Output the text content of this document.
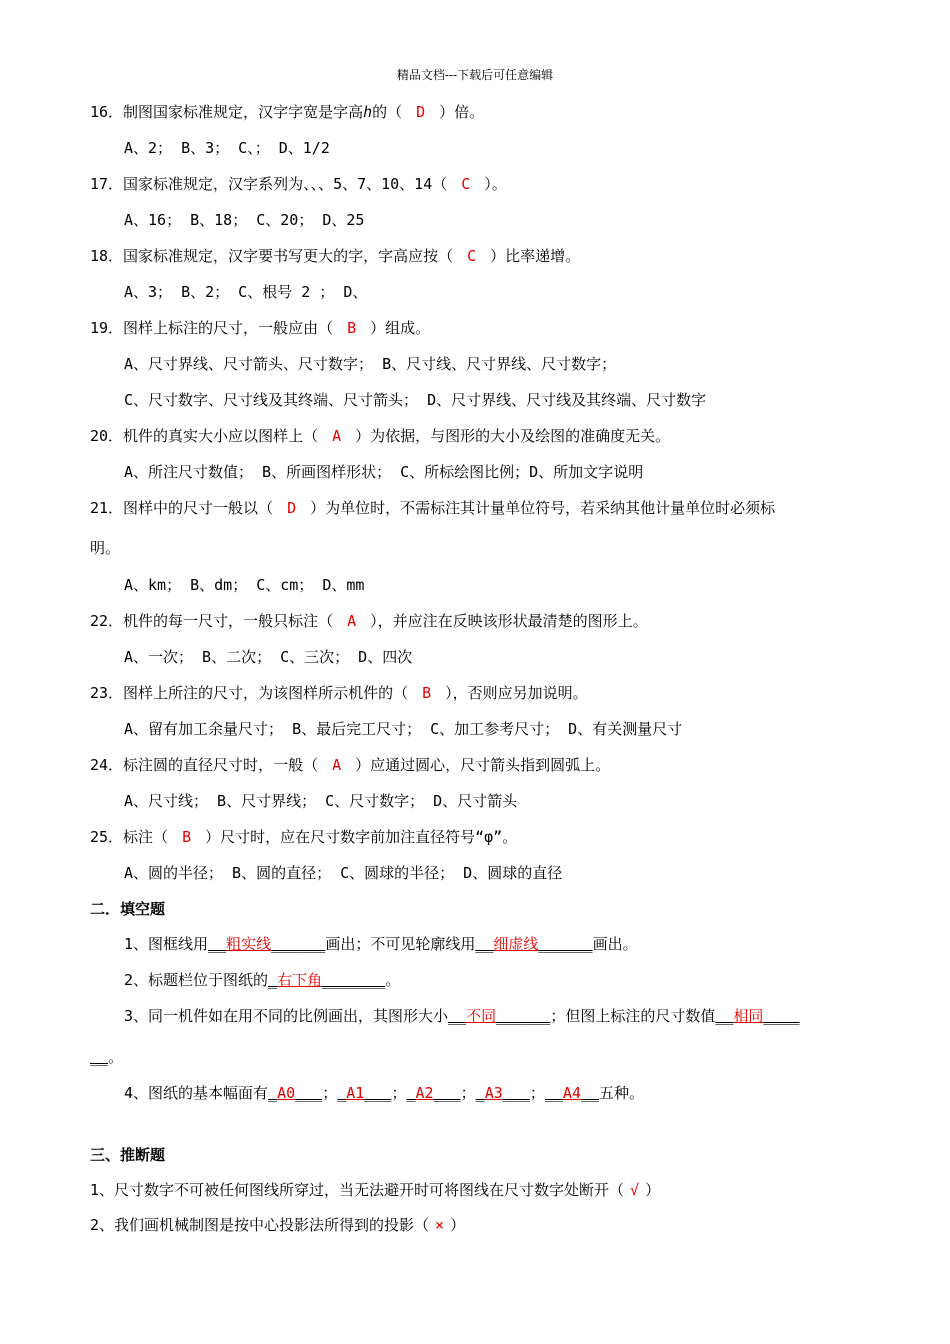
精品文档---下载后可任意编辑
16．制图国家标准规定，汉字字宽是字高h的（ D ）倍。
A、2； B、3； C、； D、1/2
17．国家标准规定，汉字系列为、、、5、7、10、14（ C ）。
A、16； B、18； C、20； D、25
18．国家标准规定，汉字要书写更大的字，字高应按（ C ）比率递增。
A、3； B、2； C、根号 2 ； D、
19．图样上标注的尺寸，一般应由（ B ）组成。
A、尺寸界线、尺寸箭头、尺寸数字； B、尺寸线、尺寸界线、尺寸数字；
C、尺寸数字、尺寸线及其终端、尺寸箭头； D、尺寸界线、尺寸线及其终端、尺寸数字
20．机件的真实大小应以图样上（ A ）为依据，与图形的大小及绘图的准确度无关。
A、所注尺寸数值； B、所画图样形状； C、所标绘图比例；D、所加文字说明
21．图样中的尺寸一般以（ D ）为单位时，不需标注其计量单位符号，若采纳其他计量单位时必须标
明。
A、km； B、dm； C、cm； D、mm
22．机件的每一尺寸，一般只标注（ A ），并应注在反映该形状最清楚的图形上。
A、一次； B、二次； C、三次； D、四次
23．图样上所注的尺寸，为该图样所示机件的（ B ），否则应另加说明。
A、留有加工余量尺寸； B、最后完工尺寸； C、加工参考尺寸； D、有关测量尺寸
24．标注圆的直径尺寸时，一般（ A ）应通过圆心，尺寸箭头指到圆弧上。
A、尺寸线； B、尺寸界线； C、尺寸数字； D、尺寸箭头
25．标注（ B ）尺寸时，应在尺寸数字前加注直径符号“φ”。
A、圆的半径； B、圆的直径； C、圆球的半径； D、圆球的直径
二．填空题
1、图框线用__粗实线______画出；不可见轮廓线用__细虚线______画出。
2、标题栏位于图纸的_右下角_______。
3、同一机件如在用不同的比例画出，其图形大小__不同______；但图上标注的尺寸数值__相同____
__。
4、图纸的基本幅面有_A0___；_A1___；_A2___；_A3___；__A4__五种。
三、推断题
1、尺寸数字不可被任何图线所穿过，当无法避开时可将图线在尺寸数字处断开（ √ ）
2、我们画机械制图是按中心投影法所得到的投影（ × ）
